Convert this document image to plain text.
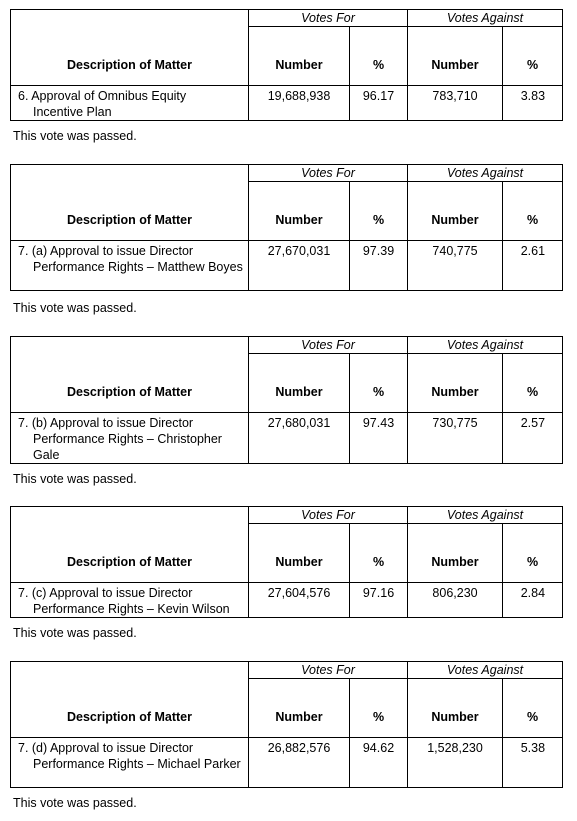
	Votes For		Votes Against	
Description of Matter	Number	%	Number	%

6. Approval of Omnibus Equity
Incentive Plan	19,688,938	96.17	783,710	3.83
This vote was passed.
	Votes For		Votes Against	
Description of Matter	Number	%	Number	%

7. (a) Approval to issue Director
Performance Rights – Matthew Boyes	27,670,031	97.39	740,775	2.61
This vote was passed.
	Votes For		Votes Against	
Description of Matter	Number	%	Number	%

7. (b) Approval to issue Director
Performance Rights – Christopher Gale	27,680,031	97.43	730,775	2.57
This vote was passed.
	Votes For		Votes Against	
Description of Matter	Number	%	Number	%

7. (c) Approval to issue Director
Performance Rights – Kevin Wilson	27,604,576	97.16	806,230	2.84
This vote was passed.
	Votes For		Votes Against	
Description of Matter	Number	%	Number	%

7. (d) Approval to issue Director
Performance Rights – Michael Parker	26,882,576	94.62	1,528,230	5.38
This vote was passed.
